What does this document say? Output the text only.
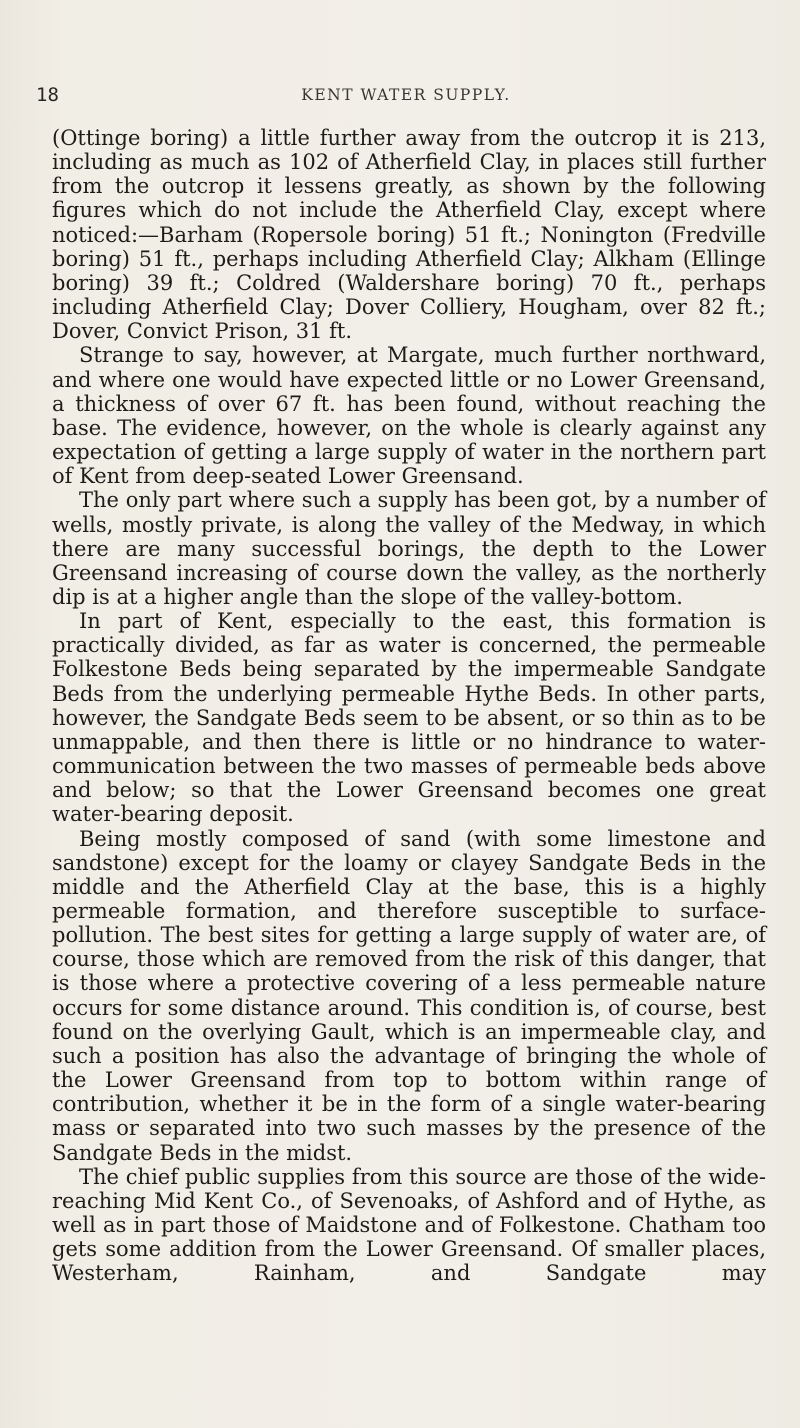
18	KENT WATER SUPPLY.

(Ottinge boring) a little further away from the outcrop it is 213, including as much as 102 of Atherfield Clay, in places still further from the outcrop it lessens greatly, as shown by the following figures which do not include the Atherfield Clay, except where noticed:—Barham (Ropersole boring) 51 ft.; Nonington (Fredville boring) 51 ft., perhaps including Atherfield Clay; Alkham (Ellinge boring) 39 ft.; Coldred (Waldershare boring) 70 ft., perhaps including Atherfield Clay; Dover Colliery, Hougham, over 82 ft.; Dover, Convict Prison, 31 ft.

Strange to say, however, at Margate, much further northward, and where one would have expected little or no Lower Greensand, a thickness of over 67 ft. has been found, without reaching the base. The evidence, however, on the whole is clearly against any expectation of getting a large supply of water in the northern part of Kent from deep-seated Lower Greensand.

The only part where such a supply has been got, by a number of wells, mostly private, is along the valley of the Medway, in which there are many successful borings, the depth to the Lower Greensand increasing of course down the valley, as the northerly dip is at a higher angle than the slope of the valley-bottom.

In part of Kent, especially to the east, this formation is practically divided, as far as water is concerned, the permeable Folkestone Beds being separated by the impermeable Sandgate Beds from the underlying permeable Hythe Beds. In other parts, however, the Sandgate Beds seem to be absent, or so thin as to be unmappable, and then there is little or no hindrance to water-communication between the two masses of permeable beds above and below; so that the Lower Greensand becomes one great water-bearing deposit.

Being mostly composed of sand (with some limestone and sandstone) except for the loamy or clayey Sandgate Beds in the middle and the Atherfield Clay at the base, this is a highly permeable formation, and therefore susceptible to surface-pollution. The best sites for getting a large supply of water are, of course, those which are removed from the risk of this danger, that is those where a protective covering of a less permeable nature occurs for some distance around. This condition is, of course, best found on the overlying Gault, which is an impermeable clay, and such a position has also the advantage of bringing the whole of the Lower Greensand from top to bottom within range of contribution, whether it be in the form of a single water-bearing mass or separated into two such masses by the presence of the Sandgate Beds in the midst.

The chief public supplies from this source are those of the wide-reaching Mid Kent Co., of Sevenoaks, of Ashford and of Hythe, as well as in part those of Maidstone and of Folkestone. Chatham too gets some addition from the Lower Greensand. Of smaller places, Westerham, Rainham, and Sandgate may
